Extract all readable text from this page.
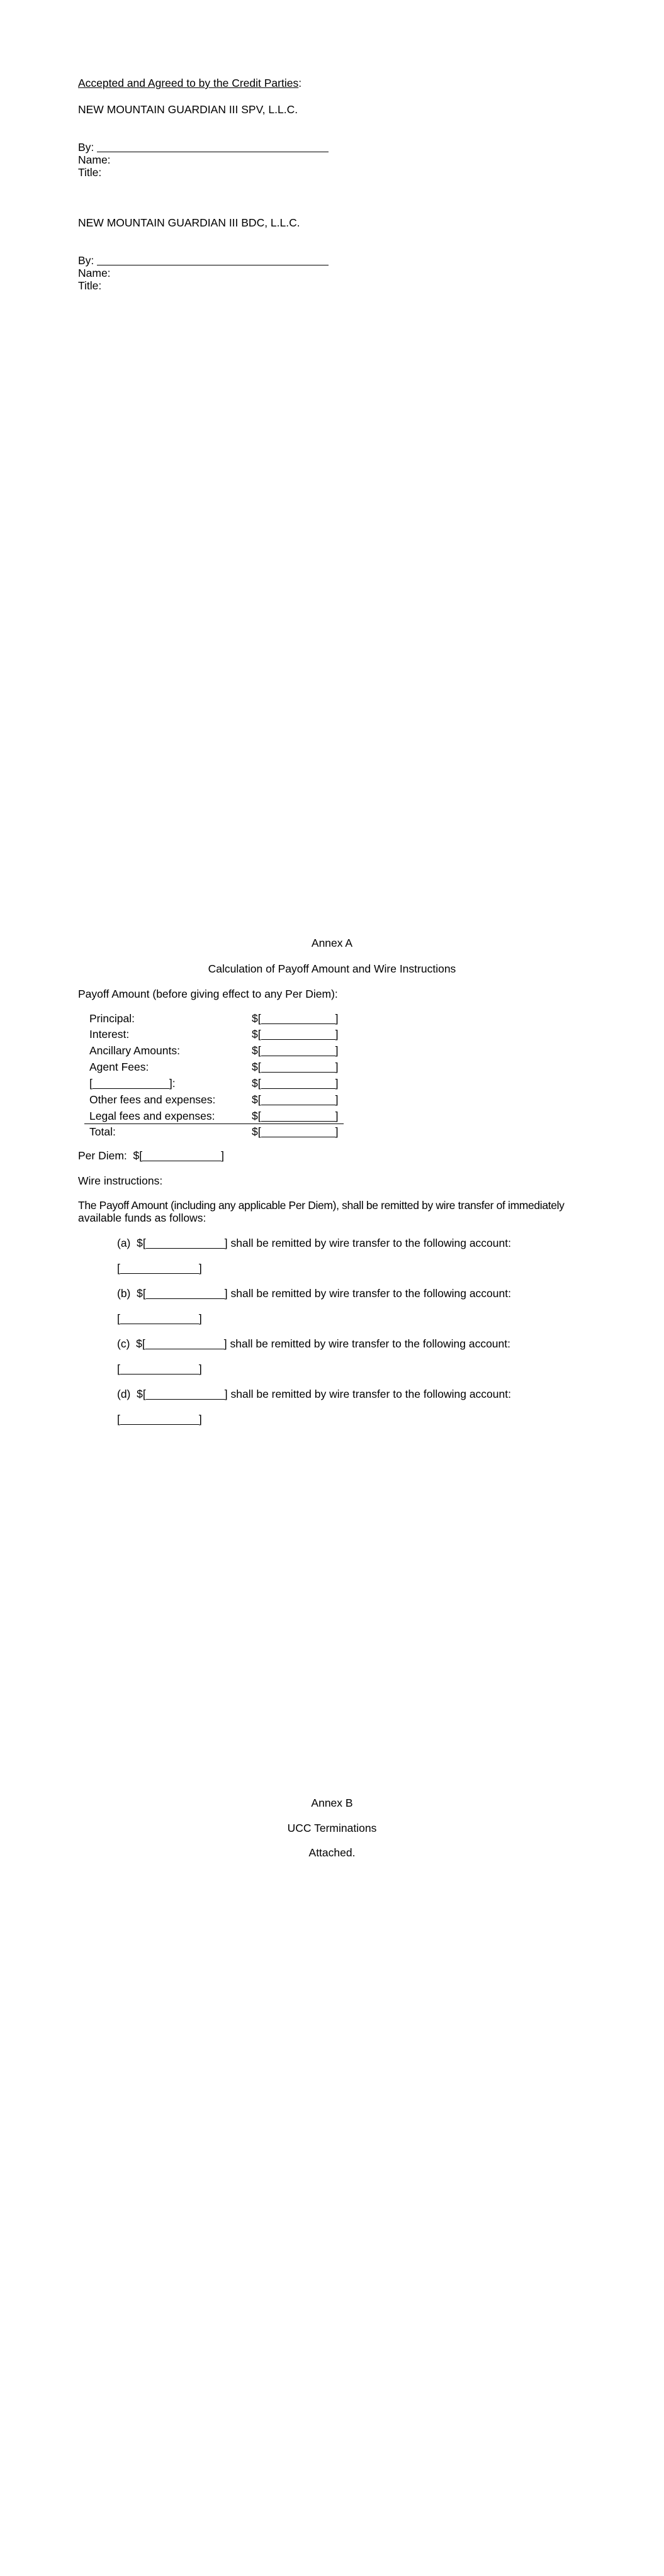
Accepted and Agreed to by the Credit Parties:
NEW MOUNTAIN GUARDIAN III SPV, L.L.C.
By:
Name:
Title:
NEW MOUNTAIN GUARDIAN III BDC, L.L.C.
By:
Name:
Title:
Annex A
Calculation of Payoff Amount and Wire Instructions
Payoff Amount (before giving effect to any Per Diem):
Principal:	$[	]
Interest:	$[	]
Ancillary Amounts:	$[	]
Agent Fees:	$[	]
[	]:	$[	]
Other fees and expenses:	$[	]
Legal fees and expenses:	$[	]
Total:	$[	]
Per Diem: $[	]
Wire instructions:
The Payoff Amount (including any applicable Per Diem), shall be remitted by wire transfer of immediately
available funds as follows:
(a) $[	] shall be remitted by wire transfer to the following account:
[	]
(b) $[	] shall be remitted by wire transfer to the following account:
[	]
(c) $[	] shall be remitted by wire transfer to the following account:
[	]
(d) $[	] shall be remitted by wire transfer to the following account:
[	]
Annex B
UCC Terminations
Attached.
